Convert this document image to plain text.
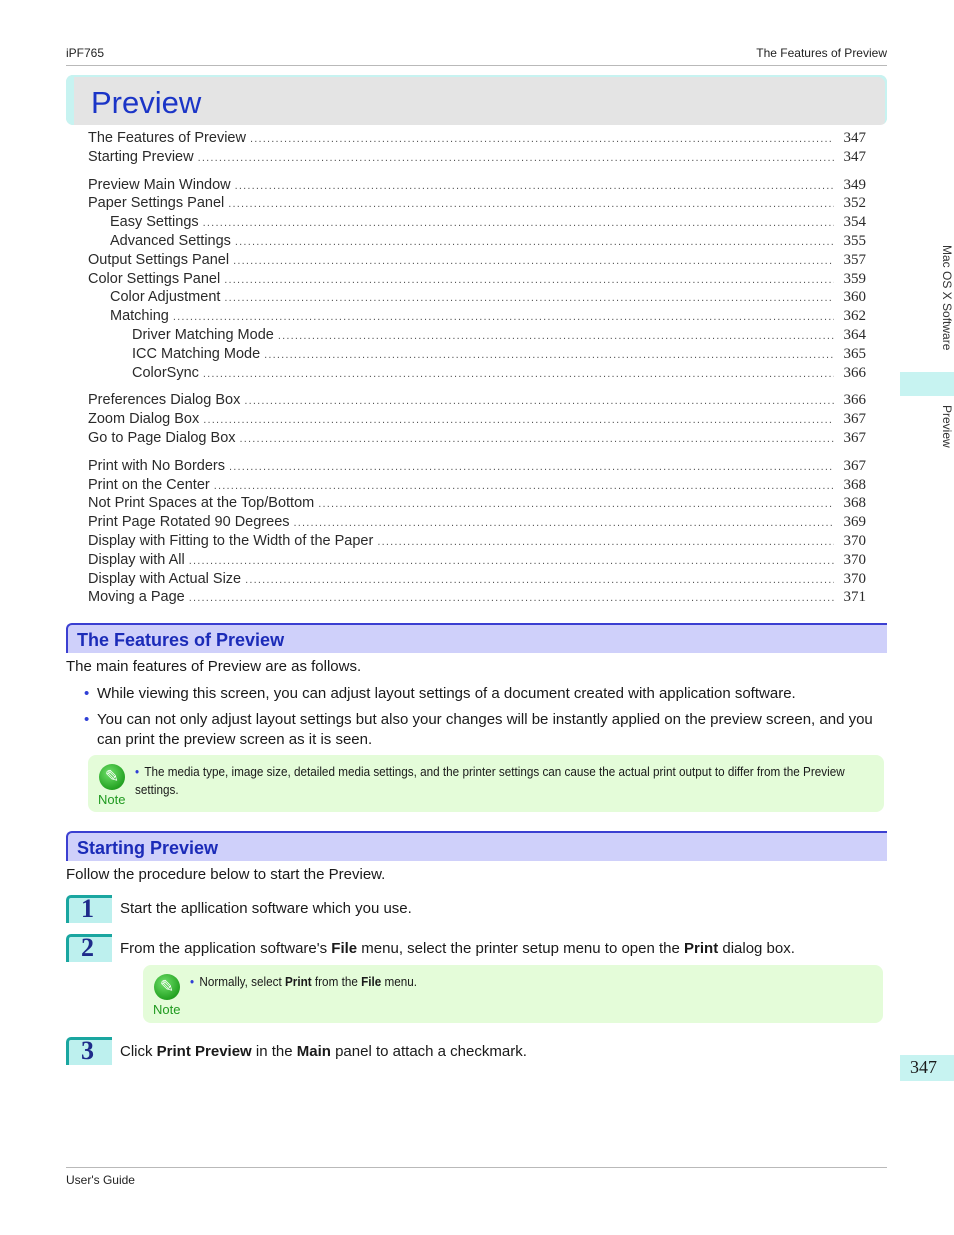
iPF765	The Features of Preview
Preview
The Features of Preview .....	347
Starting Preview .....	347
Preview Main Window .....	349
Paper Settings Panel .....	352
Easy Settings .....	354
Advanced Settings .....	355
Output Settings Panel .....	357
Color Settings Panel .....	359
Color Adjustment .....	360
Matching .....	362
Driver Matching Mode .....	364
ICC Matching Mode .....	365
ColorSync .....	366
Preferences Dialog Box .....	366
Zoom Dialog Box .....	367
Go to Page Dialog Box .....	367
Print with No Borders .....	367
Print on the Center .....	368
Not Print Spaces at the Top/Bottom .....	368
Print Page Rotated 90 Degrees .....	369
Display with Fitting to the Width of the Paper .....	370
Display with All .....	370
Display with Actual Size .....	370
Moving a Page .....	371
The Features of Preview
The main features of Preview are as follows.
• While viewing this screen, you can adjust layout settings of a document created with application software.
• You can not only adjust layout settings but also your changes will be instantly applied on the preview screen, and you can print the preview screen as it is seen.
✎
Note
• The media type, image size, detailed media settings, and the printer settings can cause the actual print output to differ from the Preview settings.
Starting Preview
Follow the procedure below to start the Preview.
1 Start the apllication software which you use.
2 From the application software's File menu, select the printer setup menu to open the Print dialog box.
✎
Note
• Normally, select Print from the File menu.
3 Click Print Preview in the Main panel to attach a checkmark.
Mac OS X Software
Preview
347
User's Guide
